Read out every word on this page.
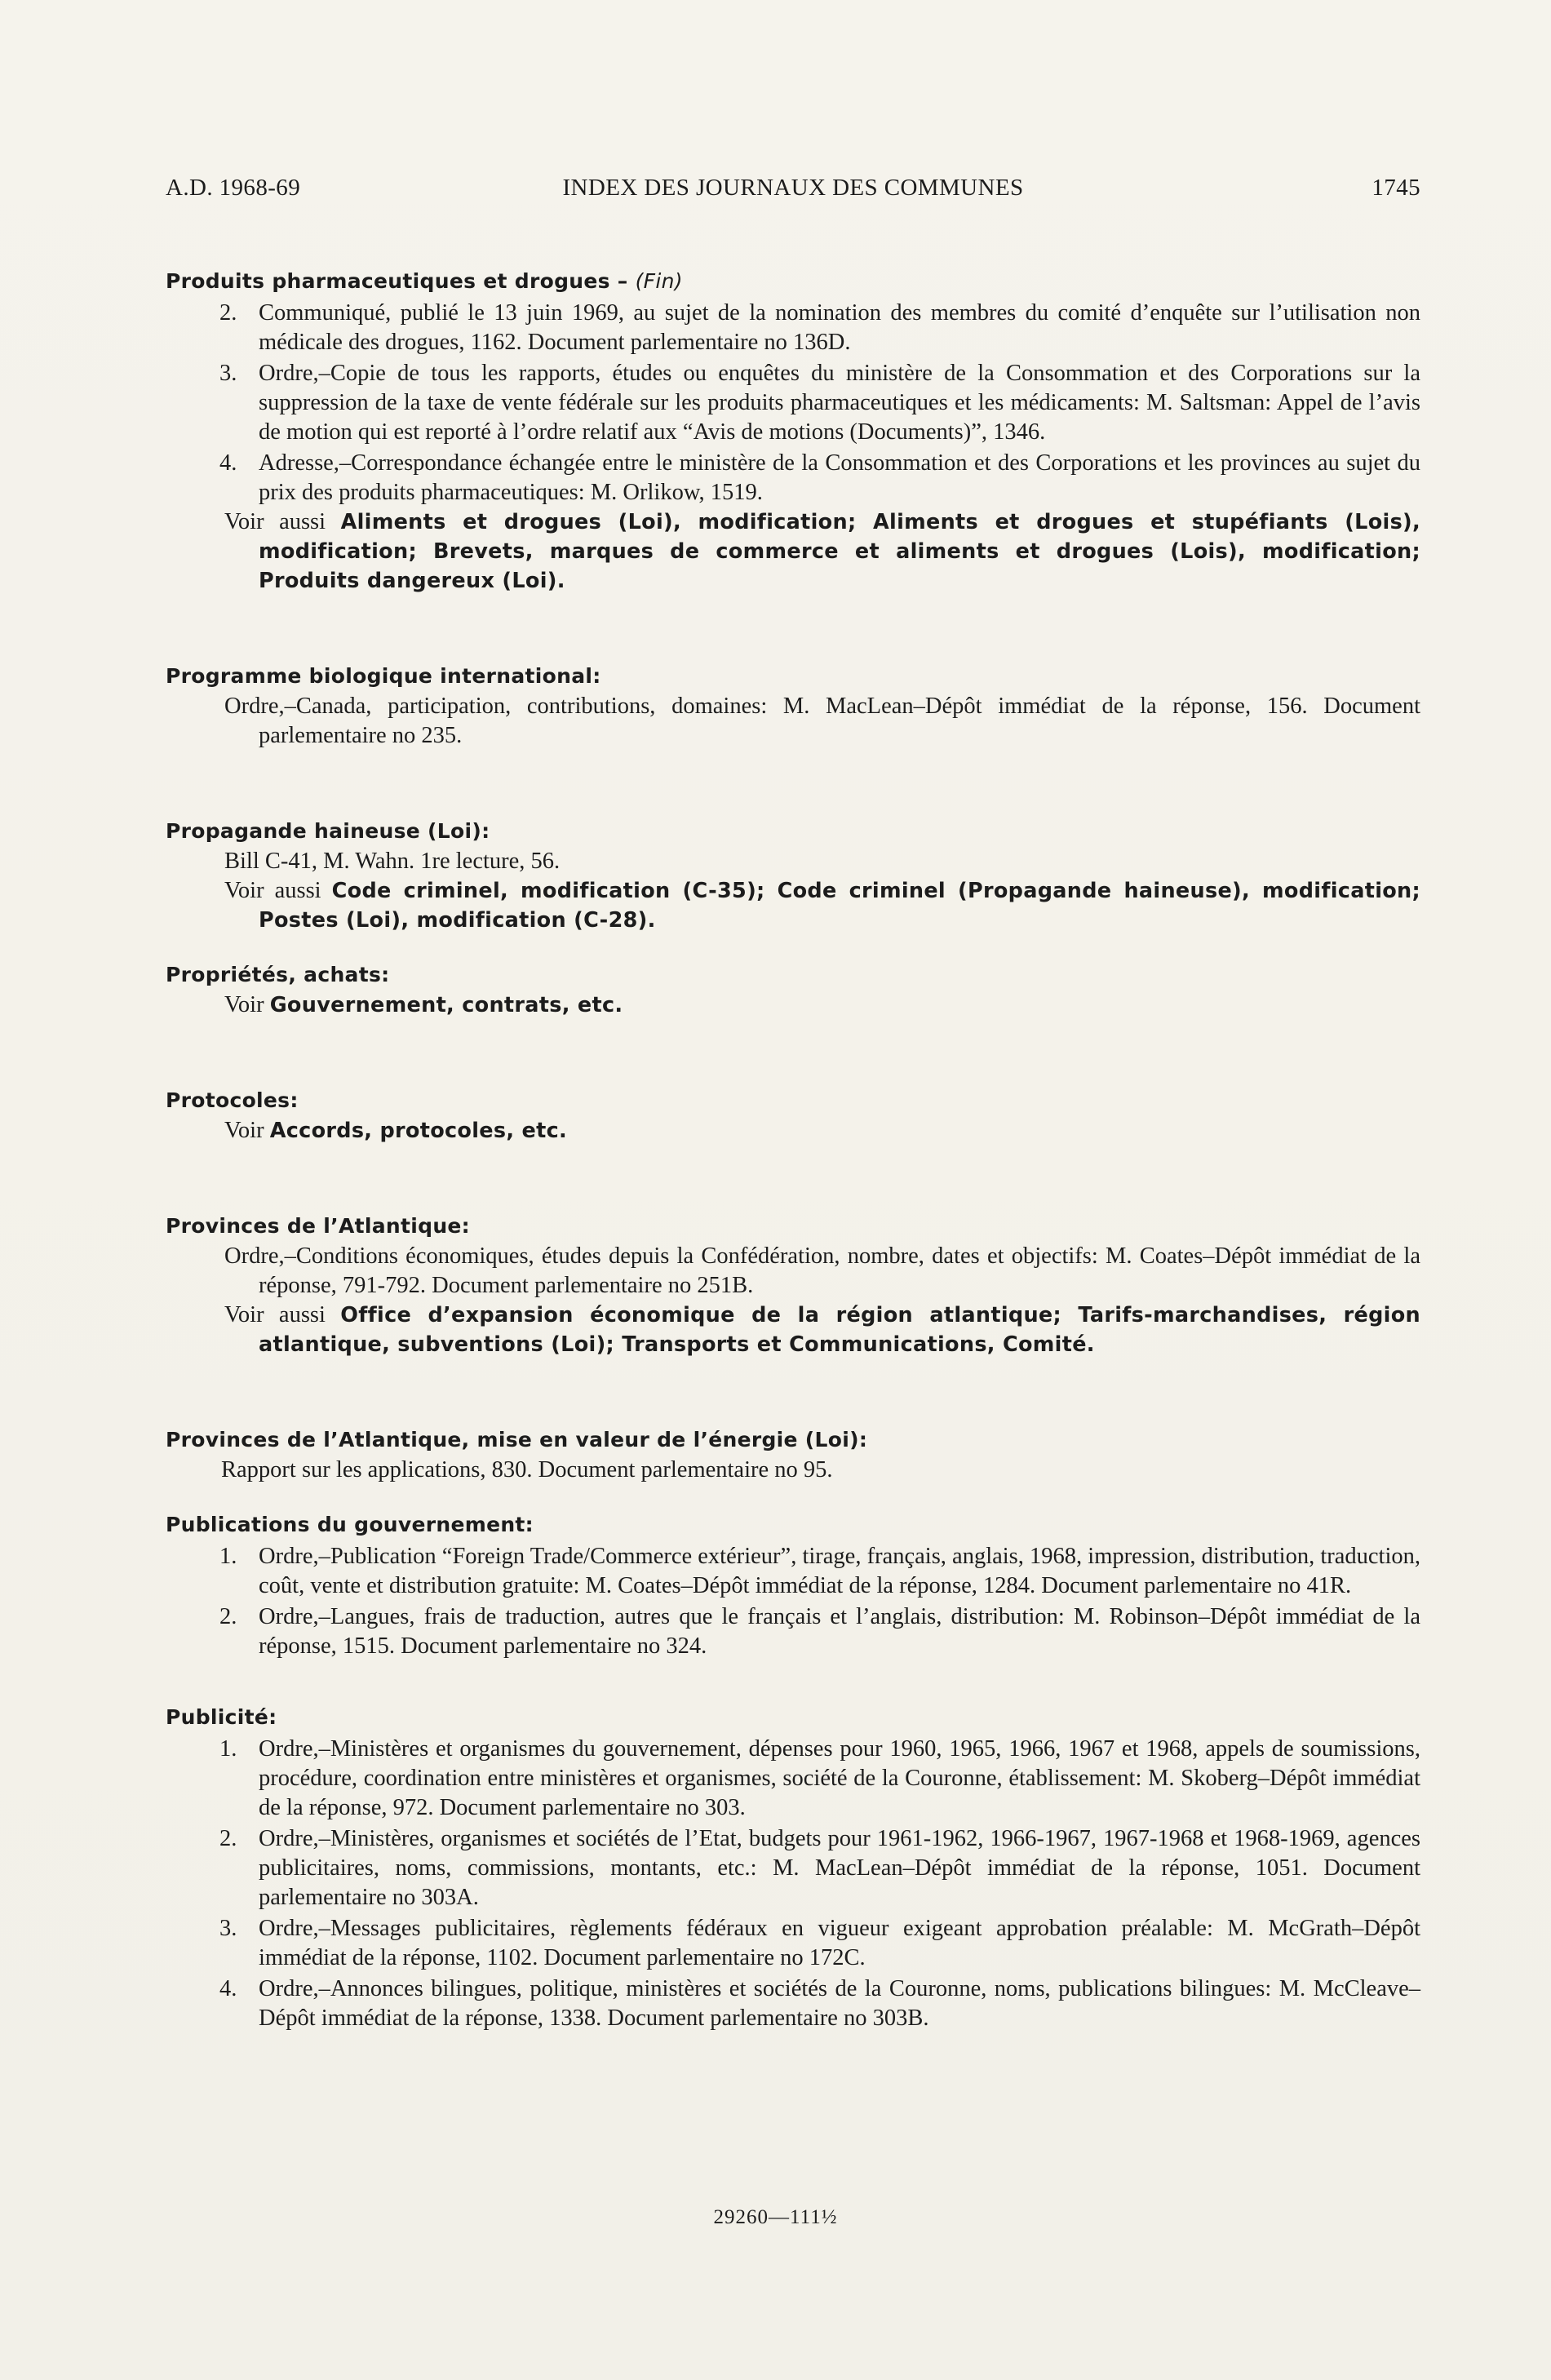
A.D. 1968-69	INDEX DES JOURNAUX DES COMMUNES	1745
Produits pharmaceutiques et drogues – (Fin)
2. Communiqué, publié le 13 juin 1969, au sujet de la nomination des membres du comité d’enquête sur l’utilisation non médicale des drogues, 1162. Document parlementaire no 136D.
3. Ordre,–Copie de tous les rapports, études ou enquêtes du ministère de la Consommation et des Corporations sur la suppression de la taxe de vente fédérale sur les produits pharmaceutiques et les médicaments: M. Saltsman: Appel de l’avis de motion qui est reporté à l’ordre relatif aux “Avis de motions (Documents)”, 1346.
4. Adresse,–Correspondance échangée entre le ministère de la Consommation et des Corporations et les provinces au sujet du prix des produits pharmaceutiques: M. Orlikow, 1519.
Voir aussi Aliments et drogues (Loi), modification; Aliments et drogues et stupéfiants (Lois), modification; Brevets, marques de commerce et aliments et drogues (Lois), modification; Produits dangereux (Loi).
Programme biologique international:
Ordre,–Canada, participation, contributions, domaines: M. MacLean–Dépôt immédiat de la réponse, 156. Document parlementaire no 235.
Propagande haineuse (Loi):
Bill C-41, M. Wahn. 1re lecture, 56.
Voir aussi Code criminel, modification (C-35); Code criminel (Propagande haineuse), modification; Postes (Loi), modification (C-28).
Propriétés, achats:
Voir Gouvernement, contrats, etc.
Protocoles:
Voir Accords, protocoles, etc.
Provinces de l’Atlantique:
Ordre,–Conditions économiques, études depuis la Confédération, nombre, dates et objectifs: M. Coates–Dépôt immédiat de la réponse, 791-792. Document parlementaire no 251B.
Voir aussi Office d’expansion économique de la région atlantique; Tarifs-marchandises, région atlantique, subventions (Loi); Transports et Communications, Comité.
Provinces de l’Atlantique, mise en valeur de l’énergie (Loi):
Rapport sur les applications, 830. Document parlementaire no 95.
Publications du gouvernement:
1. Ordre,–Publication “Foreign Trade/Commerce extérieur”, tirage, français, anglais, 1968, impression, distribution, traduction, coût, vente et distribution gratuite: M. Coates–Dépôt immédiat de la réponse, 1284. Document parlementaire no 41R.
2. Ordre,–Langues, frais de traduction, autres que le français et l’anglais, distribution: M. Robinson–Dépôt immédiat de la réponse, 1515. Document parlementaire no 324.
Publicité:
1. Ordre,–Ministères et organismes du gouvernement, dépenses pour 1960, 1965, 1966, 1967 et 1968, appels de soumissions, procédure, coordination entre ministères et organismes, société de la Couronne, établissement: M. Skoberg–Dépôt immédiat de la réponse, 972. Document parlementaire no 303.
2. Ordre,–Ministères, organismes et sociétés de l’Etat, budgets pour 1961-1962, 1966-1967, 1967-1968 et 1968-1969, agences publicitaires, noms, commissions, montants, etc.: M. MacLean–Dépôt immédiat de la réponse, 1051. Document parlementaire no 303A.
3. Ordre,–Messages publicitaires, règlements fédéraux en vigueur exigeant approbation préalable: M. McGrath–Dépôt immédiat de la réponse, 1102. Document parlementaire no 172C.
4. Ordre,–Annonces bilingues, politique, ministères et sociétés de la Couronne, noms, publications bilingues: M. McCleave–Dépôt immédiat de la réponse, 1338. Document parlementaire no 303B.
29260—111½
